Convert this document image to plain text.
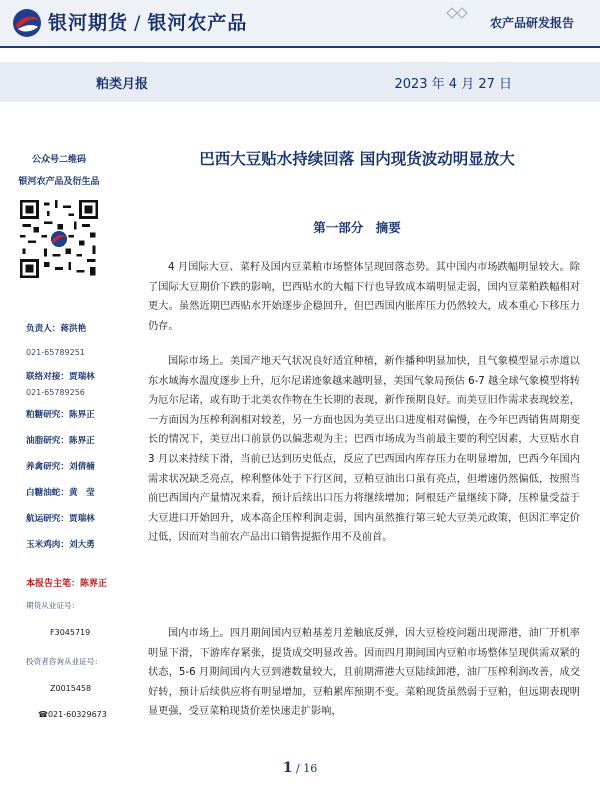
银河期货 / 银河农产品	农产品研发报告
粕类月报	2023 年 4 月 27 日
公众号二维码
银河农产品及衍生品
负责人：蒋洪艳
021-65789251
联络对接：贾瑞林
021-65789256
粕糖研究：陈界正
油脂研究：陈界正
养禽研究：刘倩楠
白糖油蛇：黄　莹
航运研究：贾瑞林
玉米鸡肉：刘大勇
本报告主笔：陈界正
期货从业证号：
F3045719
投资者咨询从业证号：
Z0015458
☎021-60329673
巴西大豆贴水持续回落 国内现货波动明显放大
第一部分　摘要

4 月国际大豆、菜籽及国内豆菜粕市场整体呈现回落态势。其中国内市场跌幅明显较大。除了国际大豆期价下跌的影响，巴西贴水的大幅下行也导致成本端明显走弱，国内豆菜粕跌幅相对更大。虽然近期巴西贴水开始逐步企稳回升，但巴西国内胀库压力仍然较大，成本重心下移压力仍存。

国际市场上。美国产地天气状况良好适宜种植，新作播种明显加快，且气象模型显示赤道以东水域海水温度逐步上升，厄尔尼诺迹象越来越明显，美国气象局预估 6-7 越全球气象模型将转为厄尔尼诺，或有助于北美农作物在生长期的表现，新作预期良好。而美豆旧作需求表现较差，一方面因为压榨利润相对较差，另一方面也因为美豆出口进度相对偏慢，在今年巴西销售周期变长的情况下，美豆出口前景仍以偏悲观为主；巴西市场成为当前最主要的利空因素，大豆贴水自 3 月以来持续下滑，当前已达到历史低点，反应了巴西国内库存压力在明显增加，巴西今年国内需求状况缺乏亮点，榨利整体处于下行区间，豆粕豆油出口虽有亮点，但增速仍然偏低，按照当前巴西国内产量情况来看，预计后续出口压力将继续增加；阿根廷产量继续下降，压榨量受益于大豆进口开始回升，成本高企压榨利润走弱，国内虽然推行第三轮大豆美元政策，但因汇率定价过低，因而对当前农产品出口销售提振作用不及前首。

国内市场上。四月期间国内豆粕基差月差触底反弹，因大豆检疫问题出现滞港，油厂开机率明显下滑，下游库存紧张，提货成交明显改善。因而四月期间国内豆粕市场整体呈现供需双紧的状态，5-6 月期间国内大豆到港数量较大，且前期滞港大豆陆续卸港，油厂压榨利润改善，成交好转，预计后续供应将有明显增加，豆粕累库预期不变。菜粕现货虽然弱于豆粕，但远期表现明显更强，受豆菜粕现货价差快速走扩影响，

1 / 16
